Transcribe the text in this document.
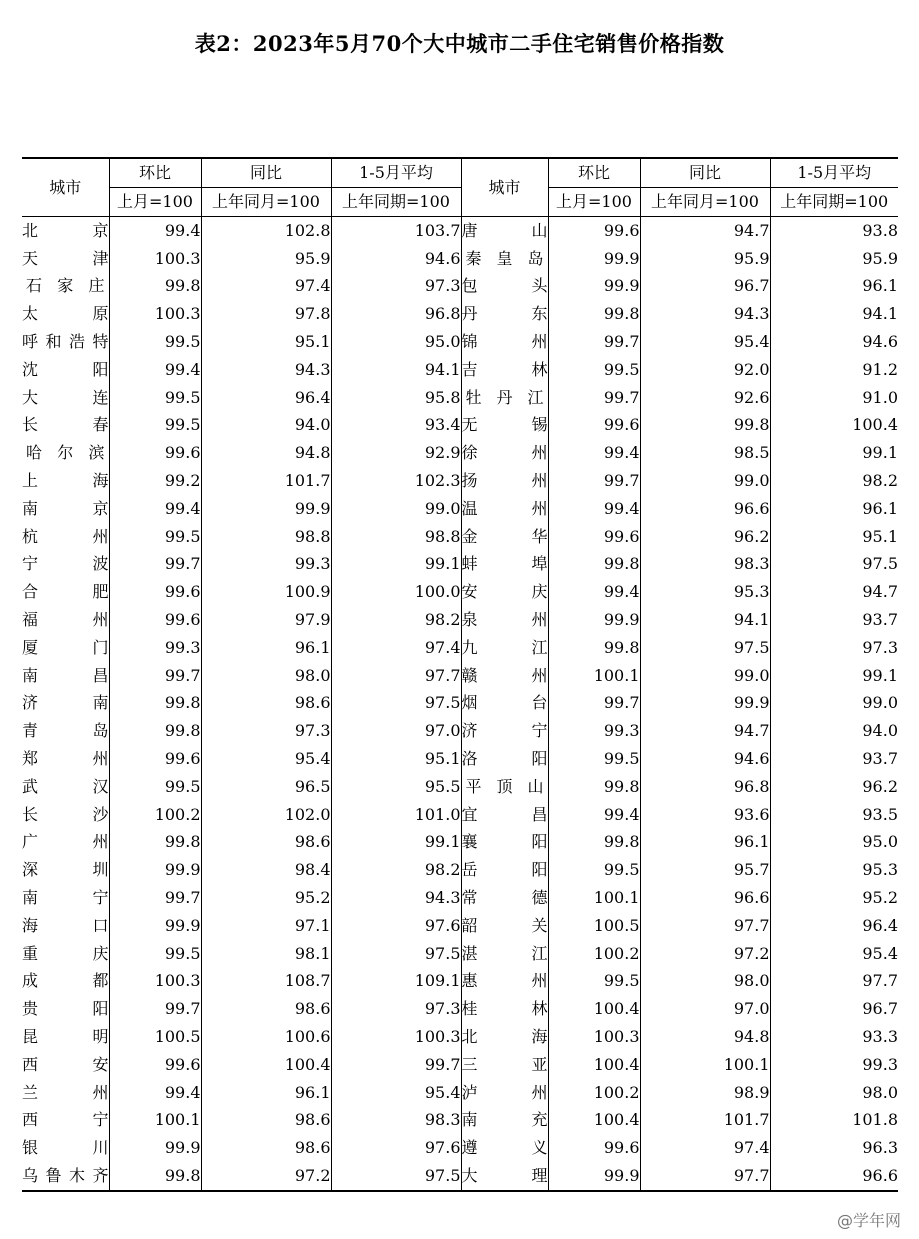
表2：2023年5月70个大中城市二手住宅销售价格指数
城市	环比	同比	1-5月平均	城市	环比	同比	1-5月平均
	上月=100	上年同月=100	上年同期=100		上月=100	上年同月=100	上年同期=100

北 京	99.4	102.8	103.7	唐 山	99.6	94.7	93.8

天 津	100.3	95.9	94.6	秦 皇 岛	99.9	95.9	95.9

石 家 庄	99.8	97.4	97.3	包 头	99.9	96.7	96.1

太 原	100.3	97.8	96.8	丹 东	99.8	94.3	94.1

呼 和 浩 特	99.5	95.1	95.0	锦 州	99.7	95.4	94.6

沈 阳	99.4	94.3	94.1	吉 林	99.5	92.0	91.2

大 连	99.5	96.4	95.8	牡 丹 江	99.7	92.6	91.0

长 春	99.5	94.0	93.4	无 锡	99.6	99.8	100.4

哈 尔 滨	99.6	94.8	92.9	徐 州	99.4	98.5	99.1

上 海	99.2	101.7	102.3	扬 州	99.7	99.0	98.2

南 京	99.4	99.9	99.0	温 州	99.4	96.6	96.1

杭 州	99.5	98.8	98.8	金 华	99.6	96.2	95.1

宁 波	99.7	99.3	99.1	蚌 埠	99.8	98.3	97.5

合 肥	99.6	100.9	100.0	安 庆	99.4	95.3	94.7

福 州	99.6	97.9	98.2	泉 州	99.9	94.1	93.7

厦 门	99.3	96.1	97.4	九 江	99.8	97.5	97.3

南 昌	99.7	98.0	97.7	赣 州	100.1	99.0	99.1

济 南	99.8	98.6	97.5	烟 台	99.7	99.9	99.0

青 岛	99.8	97.3	97.0	济 宁	99.3	94.7	94.0

郑 州	99.6	95.4	95.1	洛 阳	99.5	94.6	93.7

武 汉	99.5	96.5	95.5	平 顶 山	99.8	96.8	96.2

长 沙	100.2	102.0	101.0	宜 昌	99.4	93.6	93.5

广 州	99.8	98.6	99.1	襄 阳	99.8	96.1	95.0

深 圳	99.9	98.4	98.2	岳 阳	99.5	95.7	95.3

南 宁	99.7	95.2	94.3	常 德	100.1	96.6	95.2

海 口	99.9	97.1	97.6	韶 关	100.5	97.7	96.4

重 庆	99.5	98.1	97.5	湛 江	100.2	97.2	95.4

成 都	100.3	108.7	109.1	惠 州	99.5	98.0	97.7

贵 阳	99.7	98.6	97.3	桂 林	100.4	97.0	96.7

昆 明	100.5	100.6	100.3	北 海	100.3	94.8	93.3

西 安	99.6	100.4	99.7	三 亚	100.4	100.1	99.3

兰 州	99.4	96.1	95.4	泸 州	100.2	98.9	98.0

西 宁	100.1	98.6	98.3	南 充	100.4	101.7	101.8

银 川	99.9	98.6	97.6	遵 义	99.6	97.4	96.3

乌 鲁 木 齐	99.8	97.2	97.5	大 理	99.9	97.7	96.6
@学年网
